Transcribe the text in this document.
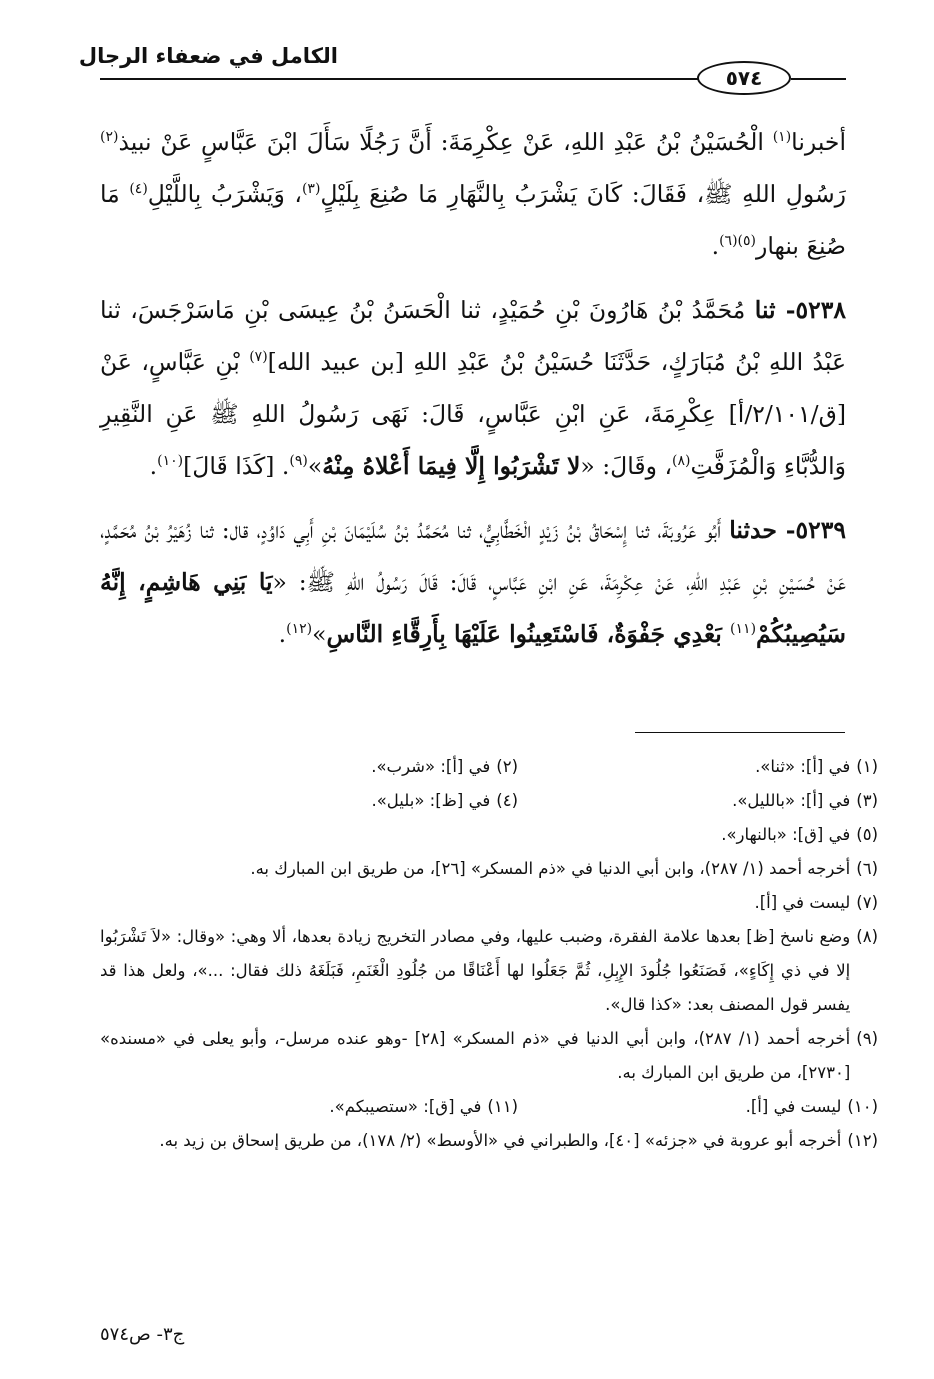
الكامل في ضعفاء الرجال
٥٧٤

أخبرنا$^{(١)}$ الْحُسَيْنُ بْنُ عَبْدِ اللهِ، عَنْ عِكْرِمَةَ: أَنَّ رَجُلًا سَأَلَ ابْنَ عَبَّاسٍ عَنْ نبيذ$^{(٢)}$ رَسُولِ اللهِ ﷺ، فَقَالَ: كَانَ يَشْرَبُ بِالنَّهَارِ مَا صُنِعَ بِلَيْلٍ$^{(٣)}$، وَيَشْرَبُ بِاللَّيْلِ$^{(٤)}$ مَا صُنِعَ بنهار$^{(٥)(٦)}$.

٥٢٣٨- ثنا مُحَمَّدُ بْنُ هَارُونَ بْنِ حُمَيْدٍ، ثنا الْحَسَنُ بْنُ عِيسَى بْنِ مَاسَرْجَسَ، ثنا عَبْدُ اللهِ بْنُ مُبَارَكٍ، حَدَّثَنَا حُسَيْنُ بْنُ عَبْدِ اللهِ [بن عبيد الله]$^{(٧)}$ بْنِ عَبَّاسٍ، عَنْ [ق/٢/١٠١/أ] عِكْرِمَةَ، عَنِ ابْنِ عَبَّاسٍ، قَالَ: نَهَى رَسُولُ اللهِ ﷺ عَنِ النَّقِيرِ وَالدُّبَّاءِ وَالْمُزَفَّتِ$^{(٨)}$، وقَالَ: «لا تَشْرَبُوا إِلَّا فِيمَا أَعْلاهُ مِنْهُ»$^{(٩)}$. [كَذَا قَالَ]$^{(١٠)}$.

٥٢٣٩- حدثنا أَبُو عَرُوبَةَ، ثنا إِسْحَاقُ بْنُ زَيْدٍ الْخَطَّابِيُّ، ثنا مُحَمَّدُ بْنُ سُلَيْمَانَ بْنِ أَبِي دَاوُدٍ، قال: ثنا زُهَيْرُ بْنُ مُحَمَّدٍ، عَنْ حُسَيْنِ بْنِ عَبْدِ اللهِ، عَنْ عِكْرِمَةَ، عَنِ ابْنِ عَبَّاسٍ، قَالَ: قَالَ رَسُولُ اللهِ ﷺ: «يَا بَنِي هَاشِمٍ، إِنَّهُ سَيُصِيبُكُمْ$^{(١١)}$ بَعْدِي جَفْوَةٌ، فَاسْتَعِينُوا عَلَيْهَا بِأَرِقَّاءِ النَّاسِ»$^{(١٢)}$.

(١)
في [أ]: «ثنا».
(٢)
في [أ]: «شرب».
(٣)
في [أ]: «بالليل».
(٤)
في [ظ]: «بليل».
(٥)
في [ق]: «بالنهار».
(٦)
أخرجه أحمد (١/ ٢٨٧)، وابن أبي الدنيا في «ذم المسكر» [٢٦]، من طريق ابن المبارك به.
(٧)
ليست في [أ].
(٨)
وضع ناسخ [ظ] بعدها علامة الفقرة، وضبب عليها، وفي مصادر التخريج زيادة بعدها، ألا وهي: «وقال: «لاَ تَشْرَبُوا إلا في ذي إِكَاءٍ»، فَصَنَعُوا جُلُودَ الإِبِلِ، ثُمَّ جَعَلُوا لها أَعْنَاقًا من جُلُودِ الْغَنَمِ، فَبَلَغَهُ ذلك فقال: ...»، ولعل هذا قد يفسر قول المصنف بعد: «كذا قال».
(٩)
أخرجه أحمد (١/ ٢٨٧)، وابن أبي الدنيا في «ذم المسكر» [٢٨] -وهو عنده مرسل-، وأبو يعلى في «مسنده» [٢٧٣٠]، من طريق ابن المبارك به.
(١٠)
ليست في [أ].
(١١)
في [ق]: «ستصيبكم».
(١٢)
أخرجه أبو عروبة في «جزئه» [٤٠]، والطبراني في «الأوسط» (٢/ ١٧٨)، من طريق إسحاق بن زيد به.
ج٣- ص٥٧٤
